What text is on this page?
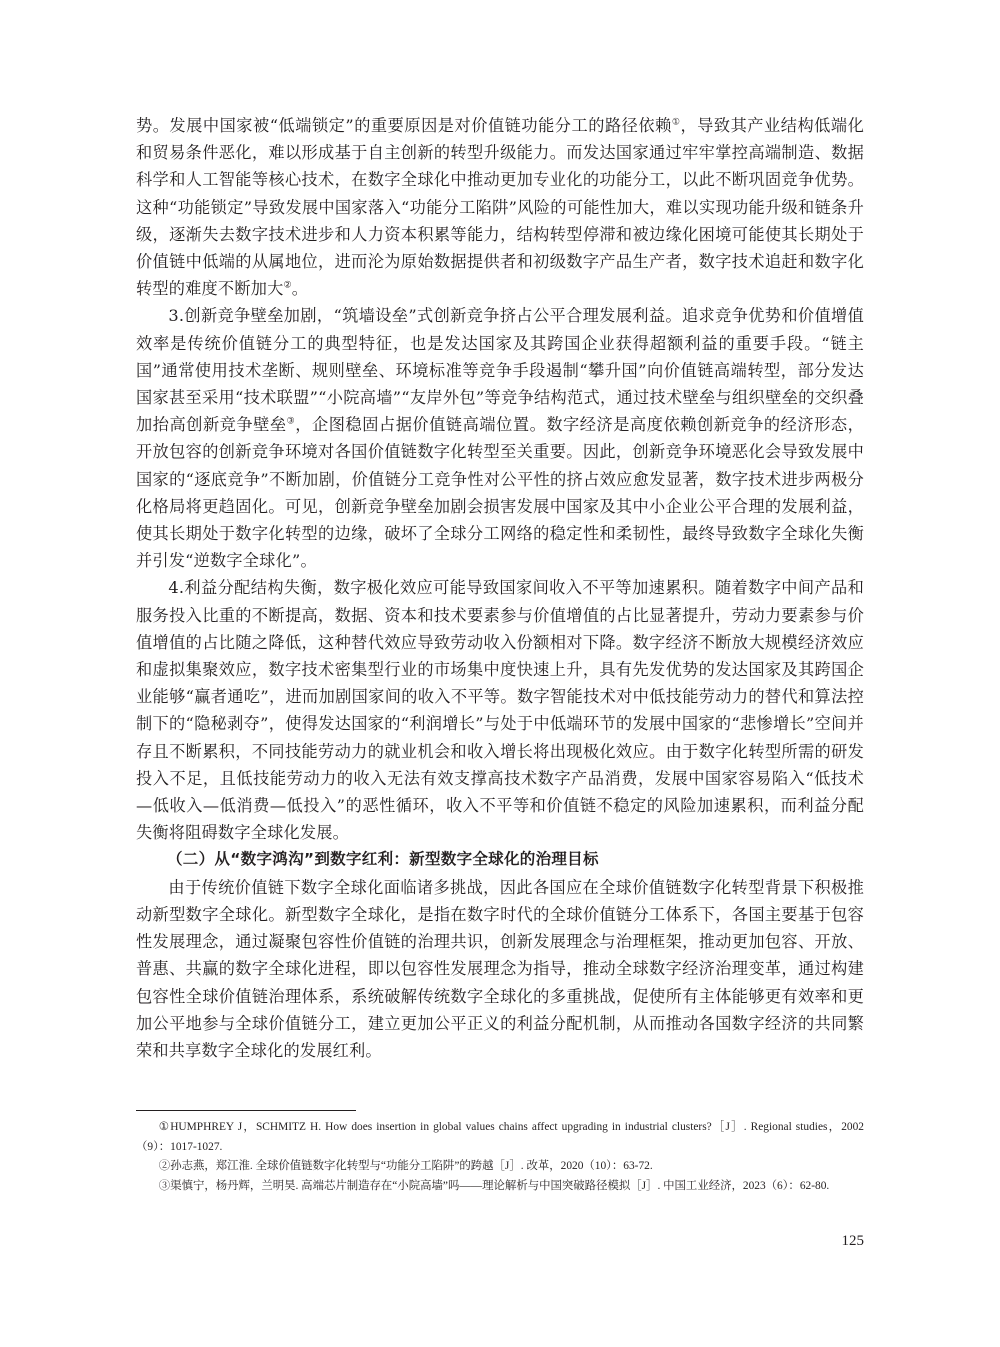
势。发展中国家被“低端锁定”的重要原因是对价值链功能分工的路径依赖①，导致其产业结构低端化和贸易条件恶化，难以形成基于自主创新的转型升级能力。而发达国家通过牢牢掌控高端制造、数据科学和人工智能等核心技术，在数字全球化中推动更加专业化的功能分工，以此不断巩固竞争优势。这种“功能锁定”导致发展中国家落入“功能分工陷阱”风险的可能性加大，难以实现功能升级和链条升级，逐渐失去数字技术进步和人力资本积累等能力，结构转型停滞和被边缘化困境可能使其长期处于价值链中低端的从属地位，进而沦为原始数据提供者和初级数字产品生产者，数字技术追赶和数字化转型的难度不断加大②。

3.创新竞争壁垒加剧，“筑墙设垒”式创新竞争挤占公平合理发展利益。追求竞争优势和价值增值效率是传统价值链分工的典型特征，也是发达国家及其跨国企业获得超额利益的重要手段。“链主国”通常使用技术垄断、规则壁垒、环境标准等竞争手段遏制“攀升国”向价值链高端转型，部分发达国家甚至采用“技术联盟”“小院高墙”“友岸外包”等竞争结构范式，通过技术壁垒与组织壁垒的交织叠加抬高创新竞争壁垒③，企图稳固占据价值链高端位置。数字经济是高度依赖创新竞争的经济形态，开放包容的创新竞争环境对各国价值链数字化转型至关重要。因此，创新竞争环境恶化会导致发展中国家的“逐底竞争”不断加剧，价值链分工竞争性对公平性的挤占效应愈发显著，数字技术进步两极分化格局将更趋固化。可见，创新竞争壁垒加剧会损害发展中国家及其中小企业公平合理的发展利益，使其长期处于数字化转型的边缘，破坏了全球分工网络的稳定性和柔韧性，最终导致数字全球化失衡并引发“逆数字全球化”。

4.利益分配结构失衡，数字极化效应可能导致国家间收入不平等加速累积。随着数字中间产品和服务投入比重的不断提高，数据、资本和技术要素参与价值增值的占比显著提升，劳动力要素参与价值增值的占比随之降低，这种替代效应导致劳动收入份额相对下降。数字经济不断放大规模经济效应和虚拟集聚效应，数字技术密集型行业的市场集中度快速上升，具有先发优势的发达国家及其跨国企业能够“赢者通吃”，进而加剧国家间的收入不平等。数字智能技术对中低技能劳动力的替代和算法控制下的“隐秘剥夺”，使得发达国家的“利润增长”与处于中低端环节的发展中国家的“悲惨增长”空间并存且不断累积，不同技能劳动力的就业机会和收入增长将出现极化效应。由于数字化转型所需的研发投入不足，且低技能劳动力的收入无法有效支撑高技术数字产品消费，发展中国家容易陷入“低技术—低收入—低消费—低投入”的恶性循环，收入不平等和价值链不稳定的风险加速累积，而利益分配失衡将阻碍数字全球化发展。

（二）从“数字鸿沟”到数字红利：新型数字全球化的治理目标

由于传统价值链下数字全球化面临诸多挑战，因此各国应在全球价值链数字化转型背景下积极推动新型数字全球化。新型数字全球化，是指在数字时代的全球价值链分工体系下，各国主要基于包容性发展理念，通过凝聚包容性价值链的治理共识，创新发展理念与治理框架，推动更加包容、开放、普惠、共赢的数字全球化进程，即以包容性发展理念为指导，推动全球数字经济治理变革，通过构建包容性全球价值链治理体系，系统破解传统数字全球化的多重挑战，促使所有主体能够更有效率和更加公平地参与全球价值链分工，建立更加公平正义的利益分配机制，从而推动各国数字经济的共同繁荣和共享数字全球化的发展红利。

①HUMPHREY J，SCHMITZ H. How does insertion in global values chains affect upgrading in industrial clusters?［J］. Regional studies，2002（9）：1017-1027.

②孙志燕，郑江淮. 全球价值链数字化转型与“功能分工陷阱”的跨越［J］. 改革，2020（10）：63-72.

③渠慎宁，杨丹辉，兰明昊. 高端芯片制造存在“小院高墙”吗——理论解析与中国突破路径模拟［J］. 中国工业经济，2023（6）：62-80.

125
